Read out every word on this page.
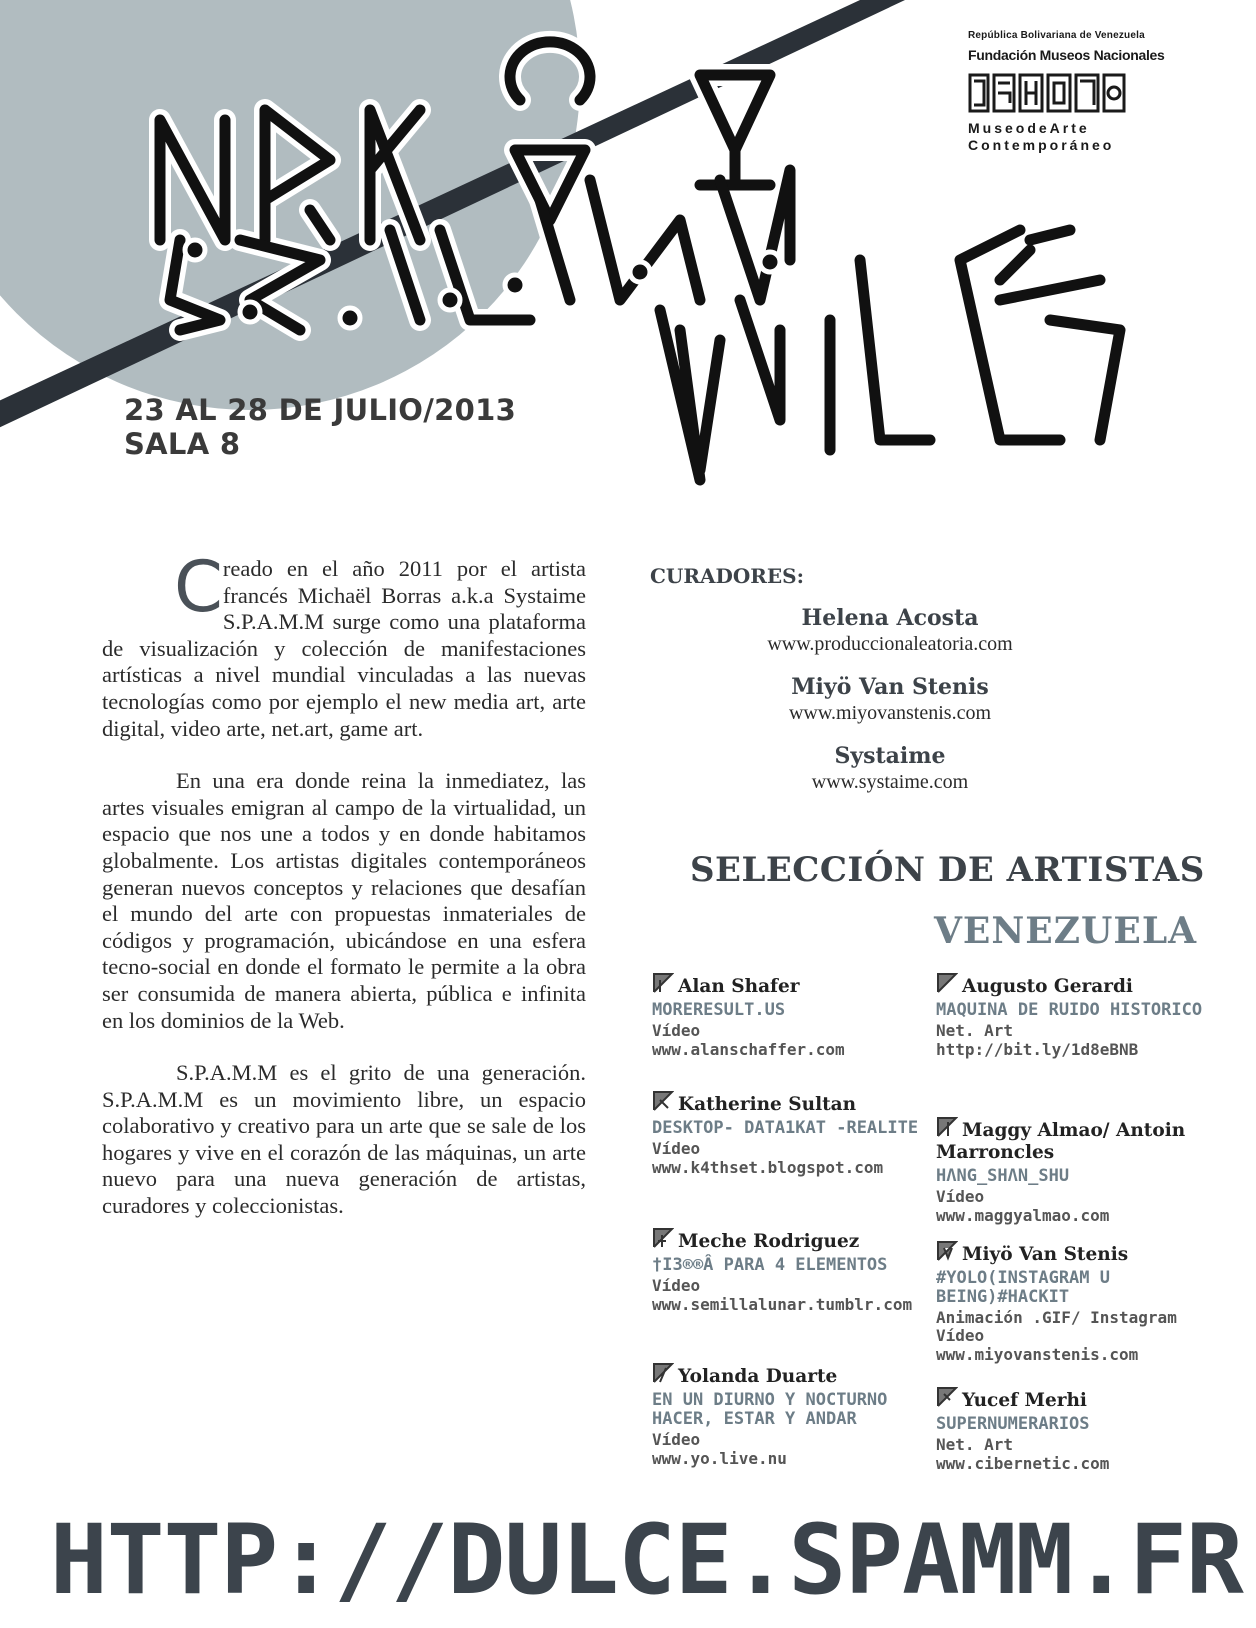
República Bolivariana de Venezuela
Fundación Museos Nacionales
MuseodeArte
Contemporáneo
23 AL 28 DE JULIO/2013
SALA 8

Creado en el año 2011 por el artista francés Michaël Borras a.k.a Systaime S.P.A.M.M surge como una plataforma de visualización y colección de manifestaciones artísticas a nivel mundial vinculadas a las nuevas tecnologías como por ejemplo el new media art, arte digital, video arte, net.art, game art.

En una era donde reina la inmediatez, las artes visuales emigran al campo de la virtualidad, un espacio que nos une a todos y en donde habitamos globalmente. Los artistas digitales contemporáneos generan nuevos conceptos y relaciones que desafían el mundo del arte con propuestas inmateriales de códigos y programación, ubicándose en una esfera tecno-social en donde el formato le permite a la obra ser consumida de manera abierta, pública e infinita en los dominios de la Web.

S.P.A.M.M es el grito de una generación. S.P.A.M.M es un movimiento libre, un espacio colaborativo y creativo para un arte que se sale de los hogares y vive en el corazón de las máquinas, un arte nuevo para una nueva generación de artistas, curadores y coleccionistas.

CURADORES:
Helena Acosta
www.produccionaleatoria.com
Miyö Van Stenis
www.miyovanstenis.com
Systaime
www.systaime.com
SELECCIÓN DE ARTISTAS
VENEZUELA
Alan Shafer
MORERESULT.US
Vídeo
www.alanschaffer.com
Katherine Sultan
DESKTOP- DATA1KAT -REALITE
Vídeo
www.k4thset.blogspot.com
Meche Rodriguez
†I3®®Â PARA 4 ELEMENTOS
Vídeo
www.semillalunar.tumblr.com
Yolanda Duarte
EN UN DIURNO Y NOCTURNO HACER, ESTAR Y ANDAR
Vídeo
www.yo.live.nu
Augusto Gerardi
MAQUINA DE RUIDO HISTORICO
Net. Art
http://bit.ly/1d8eBNB
Maggy Almao/ Antoin Marroncles
HΛNG_SHΛN_SHU
Vídeo
www.maggyalmao.com
Miyö Van Stenis
#YOLO(INSTAGRAM U BEING)#HACKIT
Animación .GIF/ Instagram Vídeo
www.miyovanstenis.com
Yucef Merhi
SUPERNUMERARIOS
Net. Art
www.cibernetic.com
HTTP://DULCE.SPAMM.FR
